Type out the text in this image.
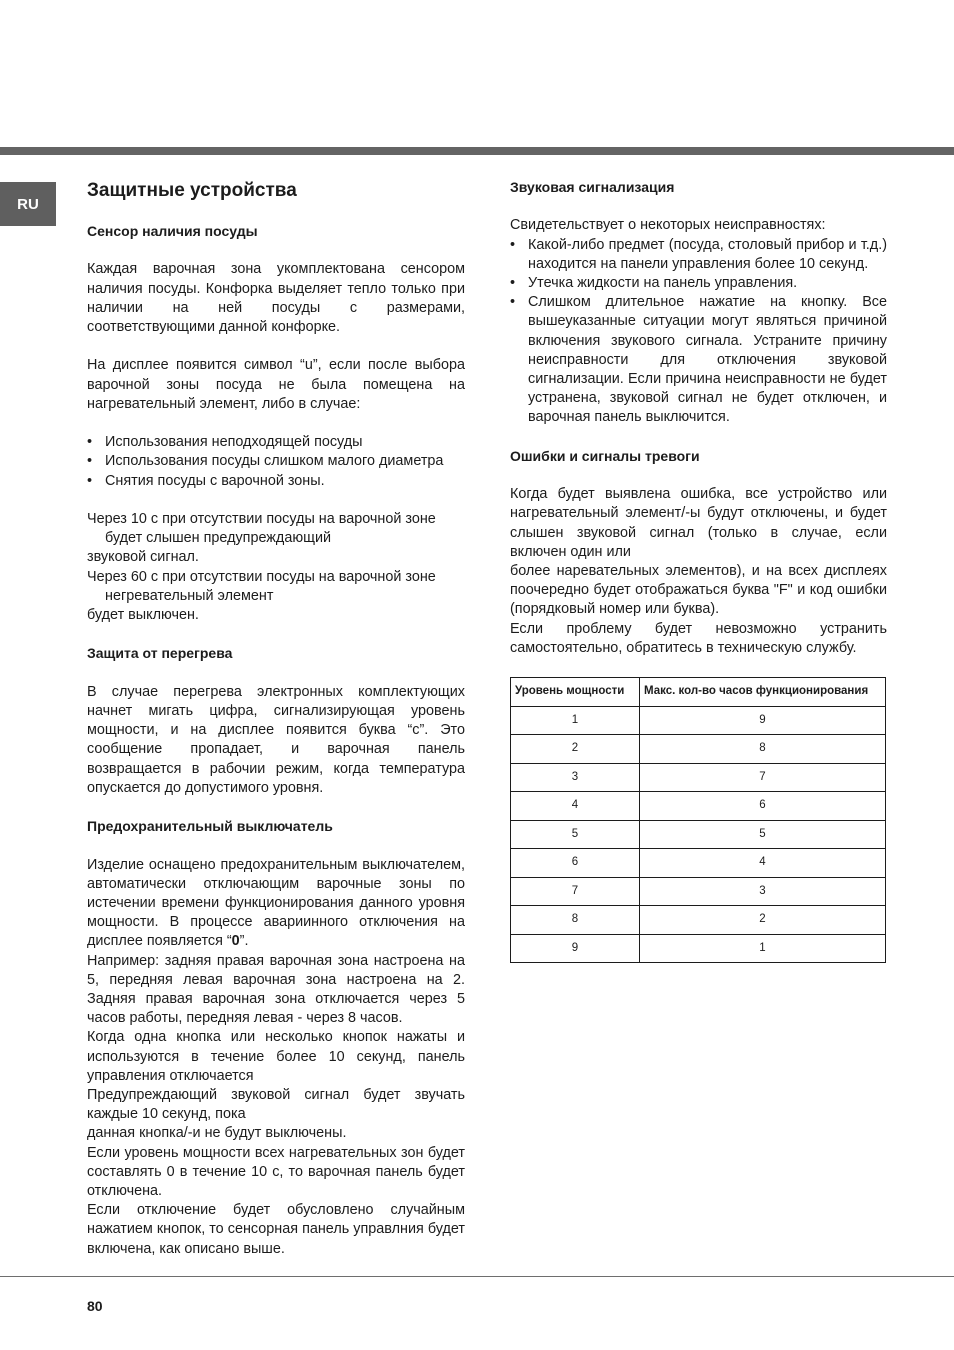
RU
Защитные устройства
Сенсор наличия посуды

Каждая варочная зона укомплектована сенсором наличия посуды. Конфорка выделяет тепло только при наличии на ней посуды с размерами, соответствующими данной конфорке.

На дисплее появится символ “u”, если после выбора варочной зоны посуда не была помещена на нагревательный элемент, либо в случае:

• Использования неподходящей посуды
• Использования посуды слишком малого диаметра
• Снятия посуды с варочной зоны.

Через 10 с при отсутствии посуды на варочной зоне

будет слышен предупреждающий

звуковой сигнал.

Через 60 с при отсутствии посуды на варочной зоне

негревательный элемент

будет выключен.

Защита от перегрева

В случае перегрева электронных комплектующих начнет мигать цифра, сигнализирующая уровень мощности, и на дисплее появится буква “c”. Это сообщение пропадает, и варочная панель возвращается в рабочии режим, когда температура опускается до допустимого уровня.

Предохранительный выключатель

Изделие оснащено предохранительным выключателем, автоматически отключающим варочные зоны по истечении времени функционирования данного уровня мощности. В процессе авариинного отключения на дисплее появляется “0”.

Например: задняя правая варочная зона настроена на 5, передняя левая варочная зона настроена на 2. Задняя правая варочная зона отключается через 5 часов работы, передняя левая - через 8 часов.

Когда одна кнопка или несколько кнопок нажаты и используются в течение более 10 секунд, панель управления отключается

Предупреждающий звуковой сигнал будет звучать каждые 10 секунд, пока

данная кнопка/-и не будут выключены.

Если уровень мощности всех нагревательных зон будет составлять 0 в течение 10 с, то варочная панель будет отключена.

Если отключение будет обусловлено случайным нажатием кнопок, то сенсорная панель управлния будет включена, как описано выше.

Звуковая сигнализация

Свидетельствует о некоторых неисправностях:

• Какой-либо предмет (посуда, столовый прибор и т.д.) находится на панели управления более 10 секунд.
• Утечка жидкости на панель управления.
• Слишком длительное нажатие на кнопку. Все вышеуказанные ситуации могут являться причиной включения звукового сигнала. Устраните причину неисправности для отключения звуковой сигнализации. Если причина неисправности не будет устранена, звуковой сигнал не будет отключен, и варочная панель выключится.
Ошибки и сигналы тревоги

Когда будет выявлена ошибка, все устройство или нагревательный элемент/-ы будут отключены, и будет слышен звуковой сигнал (только в случае, если включен один или

более наревательных элементов), и на всех дисплеях поочередно будет отображаться буква "F" и код ошибки (порядковый номер или буква).

Если проблему будет невозможно устранить самостоятельно, обратитесь в техническую службу.

Уровень мощности	Макс. кол-во часов функционирования
1	9
2	8
3	7
4	6
5	5
6	4
7	3
8	2
9	1
80
